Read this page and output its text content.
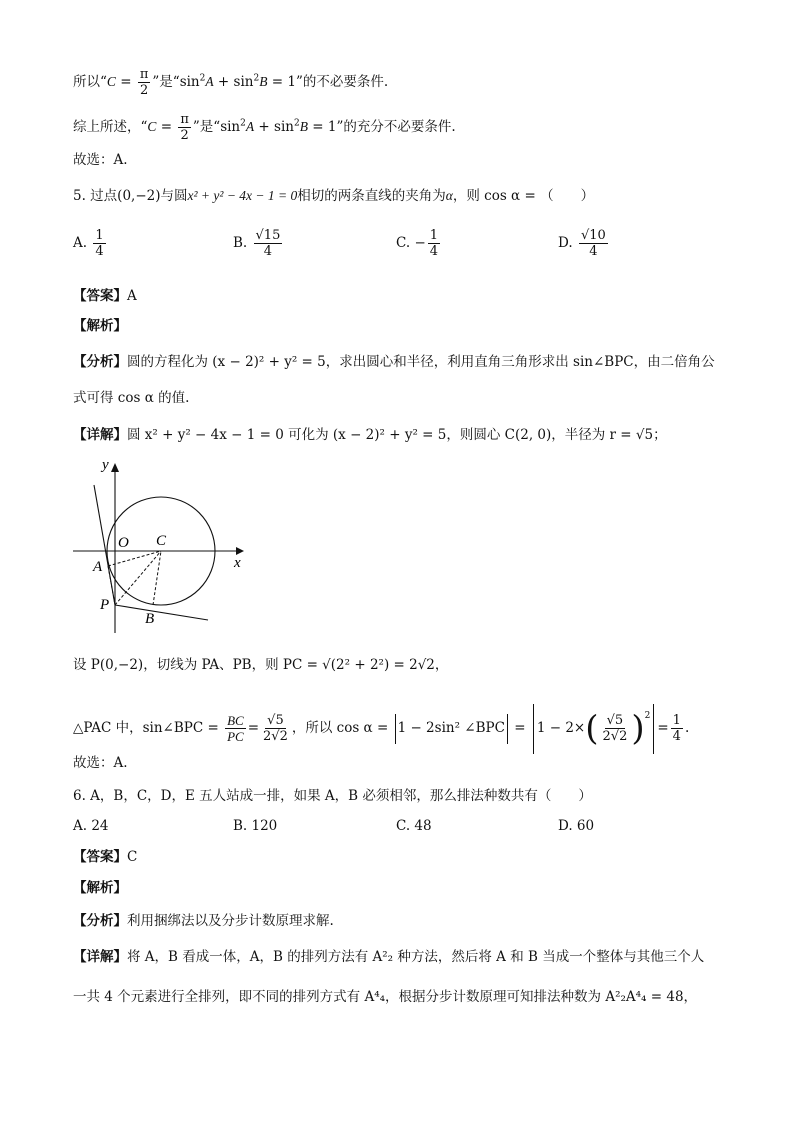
所以“$C = \frac{\pi}{2}$ ”是“$\sin^2A + \sin^2B = 1$”的不必要条件.
综上所述，“$C = \frac{\pi}{2}$ ”是“$\sin^2A + \sin^2B = 1$”的充分不必要条件.
故选：A.
5. 过点(0,−2)与圆x² + y² − 4x − 1 = 0相切的两条直线的夹角为α，则 cos α = （　　）
A. $\frac{1}{4}$	B. $\frac{√15}{4}$	C. − $\frac{1}{4}$	D. $\frac{√10}{4}$
【答案】A
【解析】
【分析】圆的方程化为 (x − 2)² + y² = 5，求出圆心和半径，利用直角三角形求出 sin∠BPC，由二倍角公
式可得 cos α 的值.
【详解】圆 x² + y² − 4x − 1 = 0 可化为 (x − 2)² + y² = 5，则圆心 C(2, 0)，半径为 r = √5；
y
x
O C
A
P
B
设 P(0,−2)，切线为 PA、PB，则 PC = √(2² + 2²) = 2√2，
△PAC 中，sin∠BPC = $\frac{BC}{PC} = \frac{√5}{2√2}$ ，所以 cos α = 1 − 2sin² ∠BPC = $1 - 2\times( \frac{√5}{2√2} )^2= \frac{1}{4}$ .
故选：A.
6. A，B，C，D，E 五人站成一排，如果 A，B 必须相邻，那么排法种数共有（　　）
A. 24	B. 120	C. 48	D. 60
【答案】C
【解析】
【分析】利用捆绑法以及分步计数原理求解.
【详解】将 A，B 看成一体，A，B 的排列方法有 A²₂ 种方法，然后将 A 和 B 当成一个整体与其他三个人
一共 4 个元素进行全排列，即不同的排列方式有 A⁴₄，根据分步计数原理可知排法种数为 A²₂A⁴₄ = 48，
